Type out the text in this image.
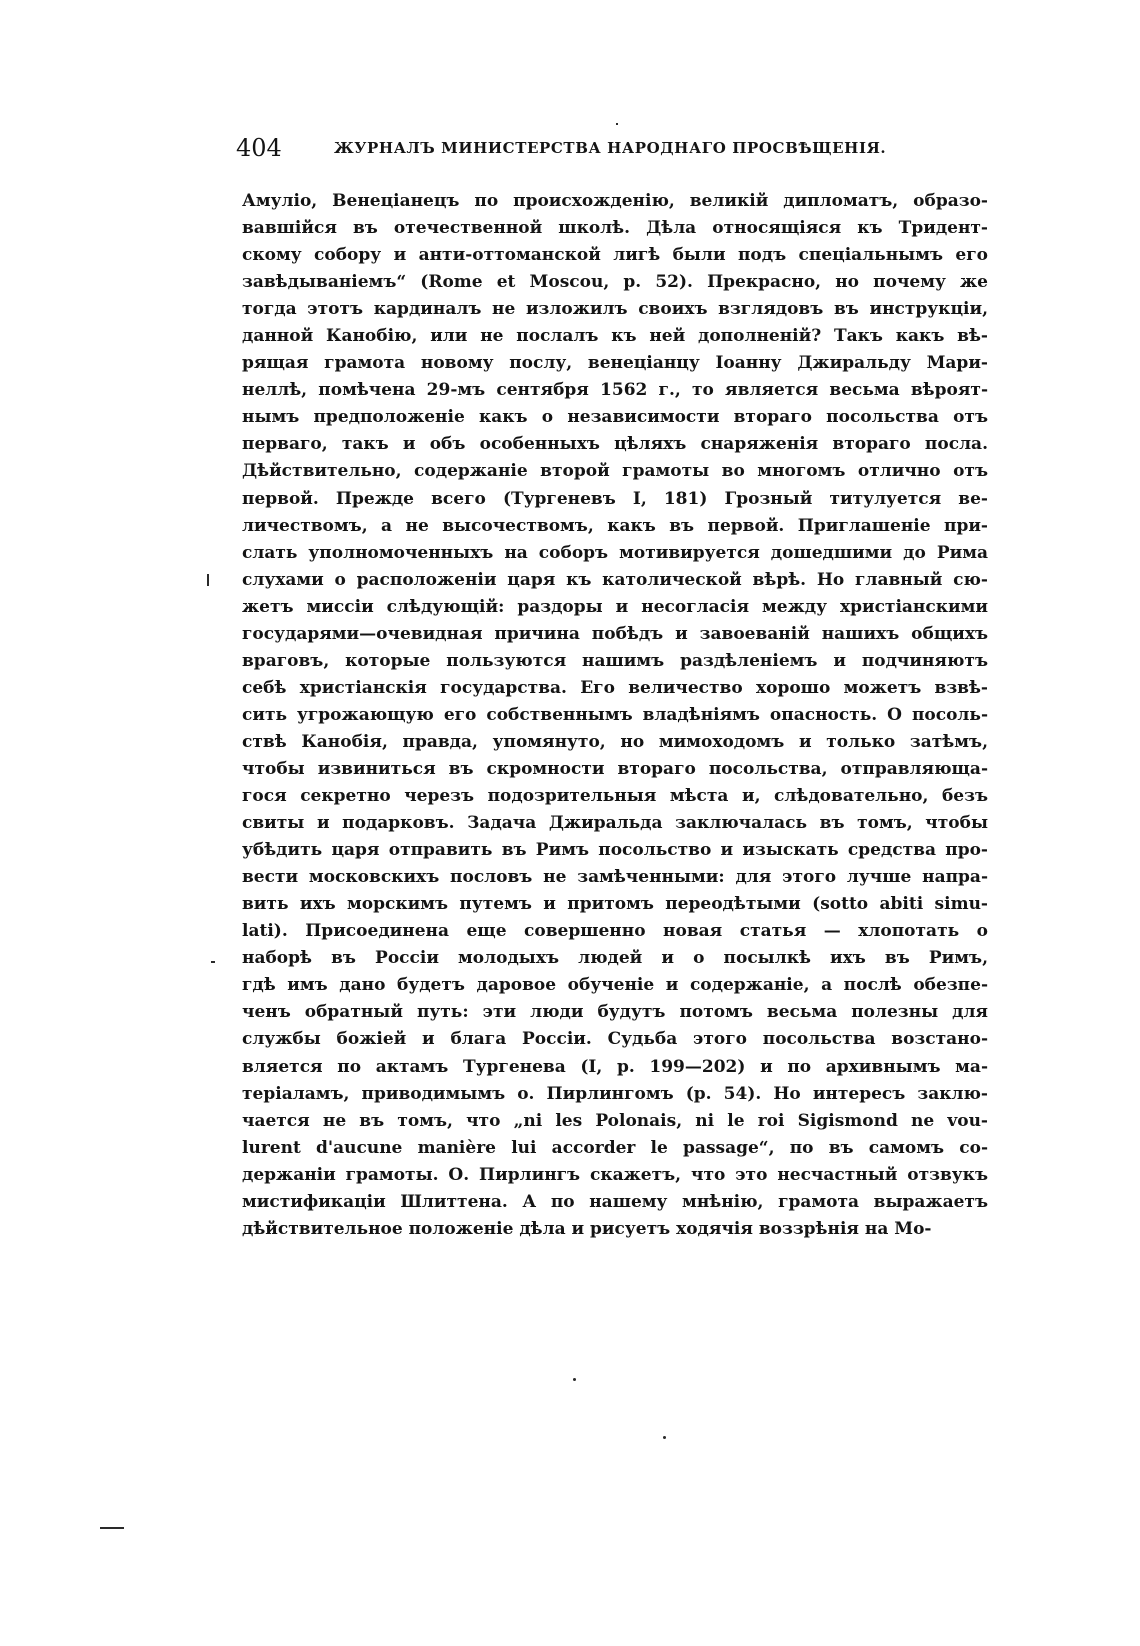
404	ЖУРНАЛЪ МИНИСТЕРСТВА НАРОДНАГО ПРОСВѢЩЕНІЯ.
Амулiо, Венецiанецъ по происхожденiю, великiй дипломатъ, образо-
вавшiйся въ отечественной школѣ. Дѣла относящiяся къ Тридент-
скому собору и анти-оттоманской лигѣ были подъ спецiальнымъ его
завѣдыванiемъ“ (Rome et Moscou, p. 52). Прекрасно, но почему же
тогда этотъ кардиналъ не изложилъ своихъ взглядовъ въ инструкцiи,
данной Канобiю, или не послалъ къ ней дополненiй? Такъ какъ вѣ-
рящая грамота новому послу, венецiанцу Iоанну Джиральду Мари-
неллѣ, помѣчена 29-мъ сентября 1562 г., то является весьма вѣроят-
нымъ предположенiе какъ о независимости втораго посольства отъ
перваго, такъ и объ особенныхъ цѣляхъ снаряженiя втораго посла.
Дѣйствительно, содержанiе второй грамоты во многомъ отлично отъ
первой. Прежде всего (Тургеневъ I, 181) Грозный титулуется ве-
личествомъ, а не высочествомъ, какъ въ первой. Приглашенiе при-
слать уполномоченныхъ на соборъ мотивируется дошедшими до Рима
слухами о расположенiи царя къ католической вѣрѣ. Но главный сю-
жетъ миссiи слѣдующiй: раздоры и несогласiя между христiанскими
государями—очевидная причина побѣдъ и завоеванiй нашихъ общихъ
враговъ, которые пользуются нашимъ раздѣленiемъ и подчиняютъ
себѣ христiанскiя государства. Его величество хорошо можетъ взвѣ-
сить угрожающую его собственнымъ владѣнiямъ опасность. О посоль-
ствѣ Канобiя, правда, упомянуто, но мимоходомъ и только затѣмъ,
чтобы извиниться въ скромности втораго посольства, отправляюща-
гося секретно черезъ подозрительныя мѣста и, слѣдовательно, безъ
свиты и подарковъ. Задача Джиральда заключалась въ томъ, чтобы
убѣдить царя отправить въ Римъ посольство и изыскать средства про-
вести московскихъ пословъ не замѣченными: для этого лучше напра-
вить ихъ морскимъ путемъ и притомъ переодѣтыми (sotto abiti simu-
lati). Присоединена еще совершенно новая статья — хлопотать о
наборѣ въ Россiи молодыхъ людей и о посылкѣ ихъ въ Римъ,
гдѣ имъ дано будетъ даровое обученiе и содержанiе, а послѣ обезпе-
ченъ обратный путь: эти люди будутъ потомъ весьма полезны для
службы божiей и блага Россiи. Судьба этого посольства возстано-
вляется по актамъ Тургенева (I, p. 199—202) и по архивнымъ ма-
терiаламъ, приводимымъ о. Пирлингомъ (p. 54). Но интересъ заклю-
чается не въ томъ, что „ni les Polonais, ni le roi Sigismond ne vou-
lurent d'aucune manière lui accorder le passage“, по въ самомъ со-
держанiи грамоты. О. Пирлингъ скажетъ, что это несчастный отзвукъ
мистификацiи Шлиттена. А по нашему мнѣнiю, грамота выражаетъ
дѣйствительное положенiе дѣла и рисуетъ ходячiя воззрѣнiя на Мо-
